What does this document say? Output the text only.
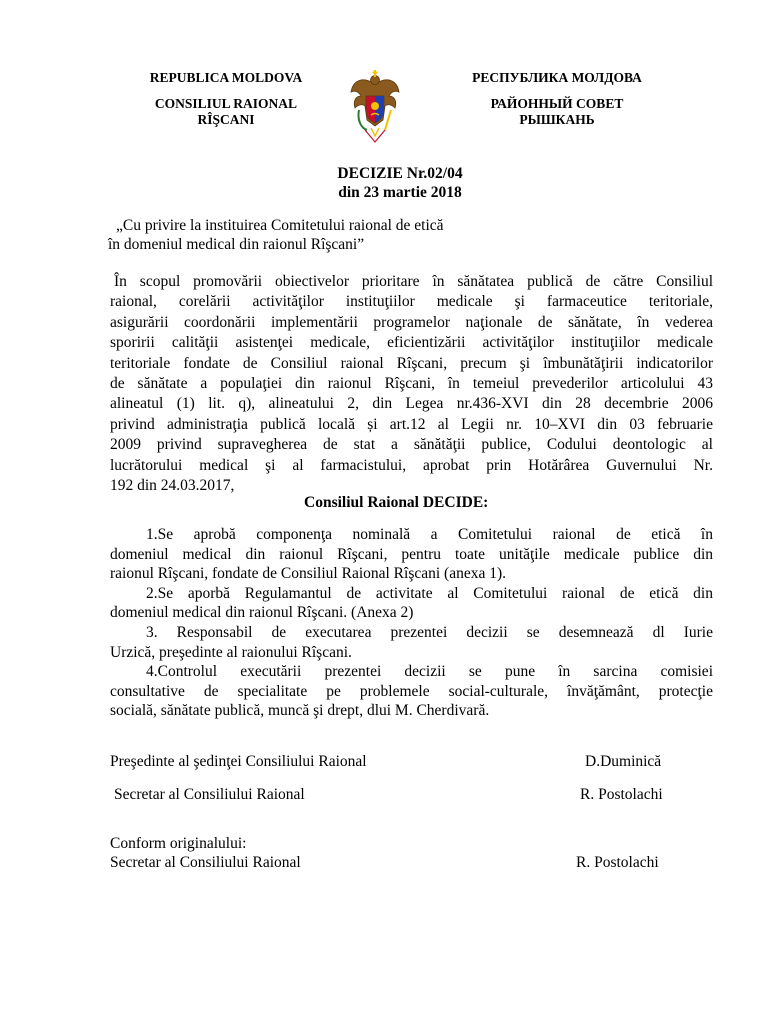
REPUBLICA MOLDOVA
CONSILIUL RAIONAL
RÎŞCANI
РЕСПУБЛИКА МОЛДОВА
РАЙОННЫЙ СОВЕТ
РЫШКАНЬ
DECIZIE Nr.02/04
din 23 martie 2018
„Cu privire la instituirea Comitetului raional de etică
în domeniul medical din raionul Rîşcani”
În scopul promovării obiectivelor prioritare în sănătatea publică de către Consiliul
raional, corelării activităţilor instituţiilor medicale şi farmaceutice teritoriale,
asigurării coordonării implementării programelor naţionale de sănătate, în vederea
sporirii calităţii asistenţei medicale, eficientizării activităţilor instituţiilor medicale
teritoriale fondate de Consiliul raional Rîşcani, precum şi îmbunătăţirii indicatorilor
de sănătate a populaţiei din raionul Rîşcani, în temeiul prevederilor articolului 43
alineatul (1) lit. q), alineatului 2, din Legea nr.436-XVI din 28 decembrie 2006
privind administraţia publică locală și art.12 al Legii nr. 10–XVI din 03 februarie
2009 privind supravegherea de stat a sănătăţii publice, Codului deontologic al
lucrătorului medical şi al farmacistului, aprobat prin Hotărârea Guvernului Nr.
192 din 24.03.2017,
Consiliul Raional DECIDE:
1.Se aprobă componenţa nominală a Comitetului raional de etică în
domeniul medical din raionul Rîşcani, pentru toate unităţile medicale publice din
raionul Rîşcani, fondate de Consiliul Raional Rîşcani (anexa 1).
2.Se aporbă Regulamantul de activitate al Comitetului raional de etică din
domeniul medical din raionul Rîşcani. (Anexa 2)
3. Responsabil de executarea prezentei decizii se desemnează dl Iurie
Urzică, preşedinte al raionului Rîşcani.
4.Controlul executării prezentei decizii se pune în sarcina comisiei
consultative de specialitate pe problemele social-culturale, învăţământ, protecţie
socială, sănătate publică, muncă şi drept, dlui M. Cherdivară.
Preşedinte al şedinţei Consiliului Raional	D.Duminică
Secretar al Consiliului Raional	R. Postolachi
Conform originalului:
Secretar al Consiliului Raional	R. Postolachi
